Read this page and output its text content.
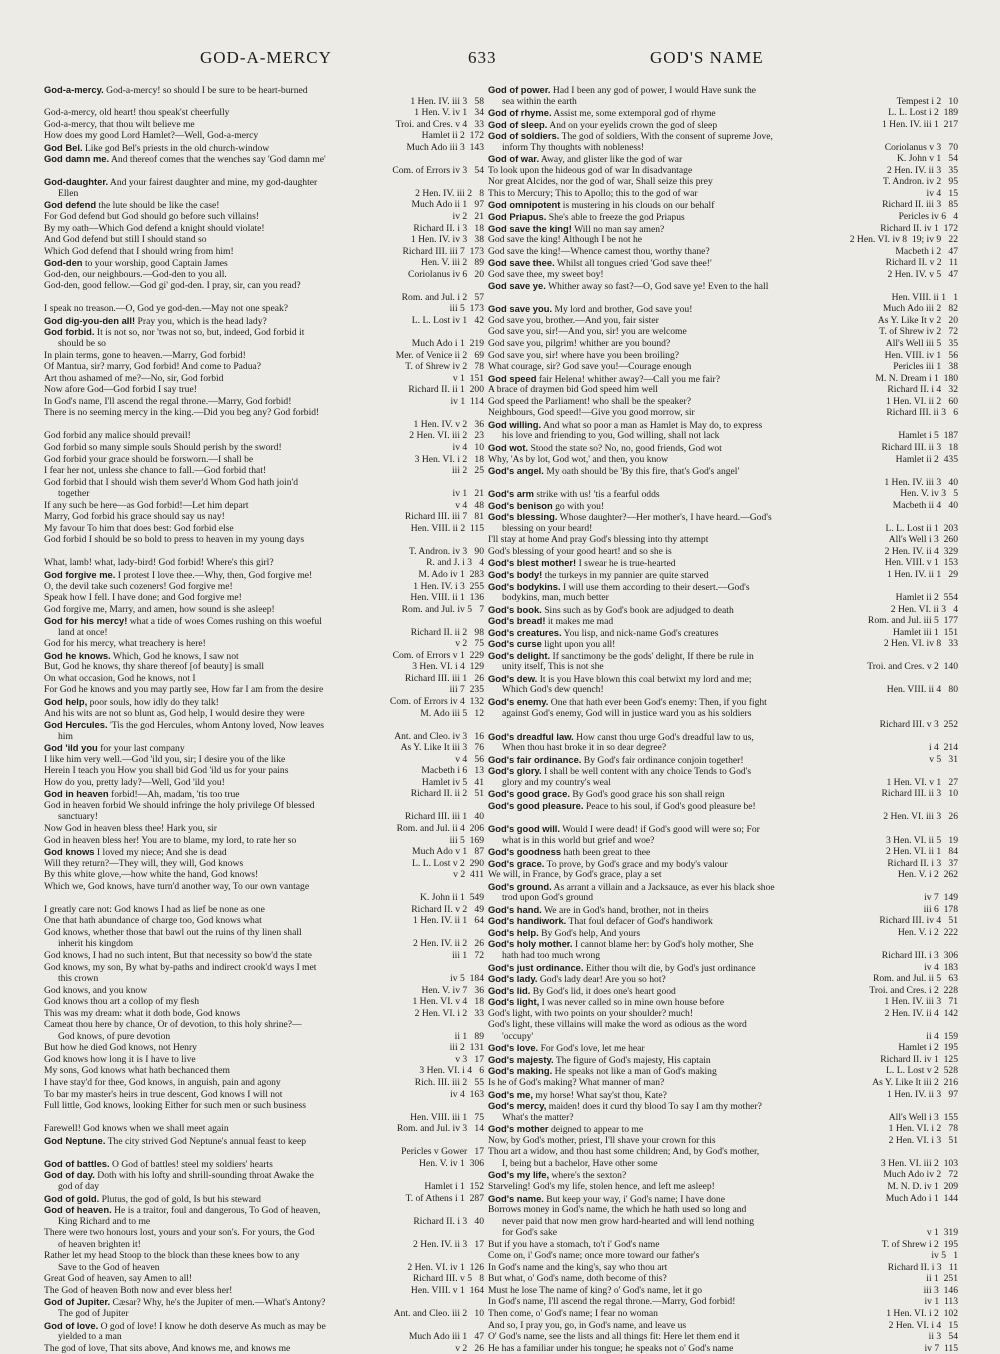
GOD-A-MERCY	633	GOD'S NAME
God-a-mercy. God-a-mercy! so should I be sure to be heart-burned
1 Hen. IV. iii 3   58
God-a-mercy, old heart! thou speak'st cheerfully	1 Hen. V. iv 1   34
God-a-mercy, that thou wilt believe me	Troi. and Cres. v 4   33
How does my good Lord Hamlet?—Well, God-a-mercy	Hamlet ii 2  172
God Bel. Like god Bel's priests in the old church-window	Much Ado iii 3  143
God damn me. And thereof comes that the wenches say 'God damn me'
Com. of Errors iv 3   54
God-daughter. And your fairest daughter and mine, my god-daughter
Ellen	2 Hen. IV. iii 2   8
God defend the lute should be like the case!	Much Ado ii 1   97
For God defend but God should go before such villains!	iv 2   21
By my oath—Which God defend a knight should violate!	Richard II. i 3   18
And God defend but still I should stand so	1 Hen. IV. iv 3   38
Which God defend that I should wring from him!	Richard III. iii 7  173
God-den to your worship, good Captain James	Hen. V. iii 2   89
God-den, our neighbours.—God-den to you all.	Coriolanus iv 6   20
God-den, good fellow.—God gi' god-den. I pray, sir, can you read?
Rom. and Jul. i 2   57
I speak no treason.—O, God ye god-den.—May not one speak?	iii 5  173
God dig-you-den all! Pray you, which is the head lady?	L. L. Lost iv 1   42
God forbid. It is not so, nor 'twas not so, but, indeed, God forbid it
should be so	Much Ado i 1  219
In plain terms, gone to heaven.—Marry, God forbid!	Mer. of Venice ii 2   69
Of Mantua, sir? marry, God forbid! And come to Padua?	T. of Shrew iv 2   78
Art thou ashamed of me?—No, sir, God forbid	v 1  151
Now afore God—God forbid I say true!	Richard II. ii 1  200
In God's name, I'll ascend the regal throne.—Marry, God forbid!	iv 1  114
There is no seeming mercy in the king.—Did you beg any? God forbid!
1 Hen. IV. v 2   36
God forbid any malice should prevail!	2 Hen. VI. iii 2   23
God forbid so many simple souls Should perish by the sword!	iv 4   10
God forbid your grace should be forsworn.—I shall be	3 Hen. VI. i 2   18
I fear her not, unless she chance to fall.—God forbid that!	iii 2   25
God forbid that I should wish them sever'd Whom God hath join'd
together	iv 1   21
If any such be here—as God forbid!—Let him depart	v 4   48
Marry, God forbid his grace should say us nay!	Richard III. iii 7   81
My favour To him that does best: God forbid else	Hen. VIII. ii 2  115
God forbid I should be so bold to press to heaven in my young days
T. Andron. iv 3   90
What, lamb! what, lady-bird! God forbid! Where's this girl?	R. and J. i 3   4
God forgive me. I protest I love thee.—Why, then, God forgive me!	M. Ado iv 1  283
O, the devil take such cozeners! God forgive me!	1 Hen. IV. i 3  255
Speak how I fell. I have done; and God forgive me!	Hen. VIII. ii 1  136
God forgive me, Marry, and amen, how sound is she asleep!	Rom. and Jul. iv 5   7
God for his mercy! what a tide of woes Comes rushing on this woeful
land at once!	Richard II. ii 2   98
God for his mercy, what treachery is here!	v 2   75
God he knows. Which, God he knows, I saw not	Com. of Errors v 1  229
But, God he knows, thy share thereof [of beauty] is small	3 Hen. VI. i 4  129
On what occasion, God he knows, not I	Richard III. iii 1   26
For God he knows and you may partly see, How far I am from the desire	iii 7  235
God help, poor souls, how idly do they talk!	Com. of Errors iv 4  132
And his wits are not so blunt as, God help, I would desire they were	M. Ado iii 5   12
God Hercules. 'Tis the god Hercules, whom Antony loved, Now leaves
him	Ant. and Cleo. iv 3   16
God 'ild you for your last company	As Y. Like It iii 3   76
I like him very well.—God 'ild you, sir; I desire you of the like	v 4   56
Herein I teach you How you shall bid God 'ild us for your pains	Macbeth i 6   13
How do you, pretty lady?—Well, God 'ild you!	Hamlet iv 5   41
God in heaven forbid!—Ah, madam, 'tis too true	Richard II. ii 2   51
God in heaven forbid We should infringe the holy privilege Of blessed
sanctuary!	Richard III. iii 1   40
Now God in heaven bless thee! Hark you, sir	Rom. and Jul. ii 4  206
God in heaven bless her! You are to blame, my lord, to rate her so	iii 5  169
God knows I loved my niece; And she is dead	Much Ado v 1   87
Will they return?—They will, they will, God knows	L. L. Lost v 2  290
By this white glove,—how white the hand, God knows!	v 2  411
Which we, God knows, have turn'd another way, To our own vantage
K. John ii 1  549
I greatly care not: God knows I had as lief be none as one	Richard II. v 2   49
One that hath abundance of charge too, God knows what	1 Hen. IV. ii 1   64
God knows, whether those that bawl out the ruins of thy linen shall
inherit his kingdom	2 Hen. IV. ii 2   26
God knows, I had no such intent, But that necessity so bow'd the state	iii 1   72
God knows, my son, By what by-paths and indirect crook'd ways I met
this crown	iv 5  184
God knows, and you know	Hen. V. iv 7   36
God knows thou art a collop of my flesh	1 Hen. VI. v 4   18
This was my dream: what it doth bode, God knows	2 Hen. VI. i 2   33
Cameat thou here by chance, Or of devotion, to this holy shrine?—
God knows, of pure devotion	ii 1   89
But how he died God knows, not Henry	iii 2  131
God knows how long it is I have to live	v 3   17
My sons, God knows what hath bechanced them	3 Hen. VI. i 4   6
I have stay'd for thee, God knows, in anguish, pain and agony	Rich. III. iii 2   55
To bar my master's heirs in true descent, God knows I will not	iv 4  163
Full little, God knows, looking Either for such men or such business
Hen. VIII. iii 1   75
Farewell! God knows when we shall meet again	Rom. and Jul. iv 3   14
God Neptune. The city strived God Neptune's annual feast to keep
Pericles v Gower   17
God of battles. O God of battles! steel my soldiers' hearts	Hen. V. iv 1  306
God of day. Doth with his lofty and shrill-sounding throat Awake the
god of day	Hamlet i 1  152
God of gold. Plutus, the god of gold, Is but his steward	T. of Athens i 1  287
God of heaven. He is a traitor, foul and dangerous, To God of heaven,
King Richard and to me	Richard II. i 3   40
There were two honours lost, yours and your son's. For yours, the God
of heaven brighten it!	2 Hen. IV. ii 3   17
Rather let my head Stoop to the block than these knees bow to any
Save to the God of heaven	2 Hen. VI. iv 1  126
Great God of heaven, say Amen to all!	Richard III. v 5   8
The God of heaven Both now and ever bless her!	Hen. VIII. v 1  164
God of Jupiter. Cæsar? Why, he's the Jupiter of men.—What's Antony?
The god of Jupiter	Ant. and Cleo. iii 2   10
God of love. O god of love! I know he doth deserve As much as may be
yielded to a man	Much Ado iii 1   47
The god of love, That sits above, And knows me, and knows me	v 2   26
God of power. Had I been any god of power, I would Have sunk the
sea within the earth	Tempest i 2   10
God of rhyme. Assist me, some extemporal god of rhyme	L. L. Lost i 2  189
God of sleep. And on your eyelids crown the god of sleep	1 Hen. IV. iii 1  217
God of soldiers. The god of soldiers, With the consent of supreme Jove,
inform Thy thoughts with nobleness!	Coriolanus v 3   70
God of war. Away, and glister like the god of war	K. John v 1   54
To look upon the hideous god of war In disadvantage	2 Hen. IV. ii 3   35
Nor great Alcides, nor the god of war, Shall seize this prey	T. Andron. iv 2   95
This to Mercury; This to Apollo; this to the god of war	iv 4   15
God omnipotent is mustering in his clouds on our behalf	Richard II. iii 3   85
God Priapus. She's able to freeze the god Priapus	Pericles iv 6   4
God save the king! Will no man say amen?	Richard II. iv 1  172
God save the king! Although I be not he	2 Hen. VI. iv 8  19; iv 9   22
God save the king!—Whence camest thou, worthy thane?	Macbeth i 2   47
God save thee. Whilst all tongues cried 'God save thee!'	Richard II. v 2   11
God save thee, my sweet boy!	2 Hen. IV. v 5   47
God save ye. Whither away so fast?—O, God save ye! Even to the hall
Hen. VIII. ii 1   1
God save you. My lord and brother, God save you!	Much Ado iii 2   82
God save you, brother.—And you, fair sister	As Y. Like It v 2   20
God save you, sir!—And you, sir! you are welcome	T. of Shrew iv 2   72
God save you, pilgrim! whither are you bound?	All's Well iii 5   35
God save you, sir! where have you been broiling?	Hen. VIII. iv 1   56
What courage, sir? God save you!—Courage enough	Pericles iii 1   38
God speed fair Helena! whither away?—Call you me fair?	M. N. Dream i 1  180
A brace of draymen bid God speed him well	Richard II. i 4   32
God speed the Parliament! who shall be the speaker?	1 Hen. VI. ii 2   60
Neighbours, God speed!—Give you good morrow, sir	Richard III. ii 3   6
God willing. And what so poor a man as Hamlet is May do, to express
his love and friending to you, God willing, shall not lack	Hamlet i 5  187
God wot. Stood the state so? No, no, good friends, God wot	Richard III. ii 3   18
Why, 'As by lot, God wot,' and then, you know	Hamlet ii 2  435
God's angel. My oath should be 'By this fire, that's God's angel'
1 Hen. IV. iii 3   40
God's arm strike with us! 'tis a fearful odds	Hen. V. iv 3   5
God's benison go with you!	Macbeth ii 4   40
God's blessing. Whose daughter?—Her mother's, I have heard.—God's
blessing on your beard!	L. L. Lost ii 1  203
I'll stay at home And pray God's blessing into thy attempt	All's Well i 3  260
God's blessing of your good heart! and so she is	2 Hen. IV. ii 4  329
God's blest mother! I swear he is true-hearted	Hen. VIII. v 1  153
God's body! the turkeys in my pannier are quite starved	1 Hen. IV. ii 1   29
God's bodykins. I will use them according to their desert.—God's
bodykins, man, much better	Hamlet ii 2  554
God's book. Sins such as by God's book are adjudged to death	2 Hen. VI. ii 3   4
God's bread! it makes me mad	Rom. and Jul. iii 5  177
God's creatures. You lisp, and nick-name God's creatures	Hamlet iii 1  151
God's curse light upon you all!	2 Hen. VI. iv 8   33
God's delight. If sanctimony be the gods' delight, If there be rule in
unity itself, This is not she	Troi. and Cres. v 2  140
God's dew. It is you Have blown this coal betwixt my lord and me;
Which God's dew quench!	Hen. VIII. ii 4   80
God's enemy. One that hath ever been God's enemy: Then, if you fight
against God's enemy, God will in justice ward you as his soldiers
Richard III. v 3  252
God's dreadful law. How canst thou urge God's dreadful law to us,
When thou hast broke it in so dear degree?	i 4  214
God's fair ordinance. By God's fair ordinance conjoin together!	v 5   31
God's glory. I shall be well content with any choice Tends to God's
glory and my country's weal	1 Hen. VI. v 1   27
God's good grace. By God's good grace his son shall reign	Richard III. ii 3   10
God's good pleasure. Peace to his soul, if God's good pleasure be!
2 Hen. VI. iii 3   26
God's good will. Would I were dead! if God's good will were so; For
what is in this world but grief and woe?	3 Hen. VI. ii 5   19
God's goodness hath been great to thee	2 Hen. VI. ii 1   84
God's grace. To prove, by God's grace and my body's valour	Richard II. i 3   37
We will, in France, by God's grace, play a set	Hen. V. i 2  262
God's ground. As arrant a villain and a Jacksauce, as ever his black shoe
trod upon God's ground	iv 7  149
God's hand. We are in God's hand, brother, not in theirs	iii 6  178
God's handiwork. That foul defacer of God's handiwork	Richard III. iv 4   51
God's help. By God's help, And yours	Hen. V. i 2  222
God's holy mother. I cannot blame her: by God's holy mother, She
hath had too much wrong	Richard III. i 3  306
God's just ordinance. Either thou wilt die, by God's just ordinance	iv 4  183
God's lady. God's lady dear! Are you so hot?	Rom. and Jul. ii 5   63
God's lid. By God's lid, it does one's heart good	Troi. and Cres. i 2  228
God's light, I was never called so in mine own house before	1 Hen. IV. iii 3   71
God's light, with two points on your shoulder? much!	2 Hen. IV. ii 4  142
God's light, these villains will make the word as odious as the word
'occupy'	ii 4  159
God's love. For God's love, let me hear	Hamlet i 2  195
God's majesty. The figure of God's majesty, His captain	Richard II. iv 1  125
God's making. He speaks not like a man of God's making	L. L. Lost v 2  528
Is he of God's making? What manner of man?	As Y. Like It iii 2  216
God's me, my horse! What say'st thou, Kate?	1 Hen. IV. ii 3   97
God's mercy, maiden! does it curd thy blood To say I am thy mother?
What's the matter?	All's Well i 3  155
God's mother deigned to appear to me	1 Hen. VI. i 2   78
Now, by God's mother, priest, I'll shave your crown for this	2 Hen. VI. i 3   51
Thou art a widow, and thou hast some children; And, by God's mother,
I, being but a bachelor, Have other some	3 Hen. VI. iii 2  103
God's my life, where's the sexton?	Much Ado iv 2   72
Starveling! God's my life, stolen hence, and left me asleep!	M. N. D. iv 1  209
God's name. But keep your way, i' God's name; I have done	Much Ado i 1  144
Borrows money in God's name, the which he hath used so long and
never paid that now men grow hard-hearted and will lend nothing
for God's sake	v 1  319
But if you have a stomach, to't i' God's name	T. of Shrew i 2  195
Come on, i' God's name; once more toward our father's	iv 5   1
In God's name and the king's, say who thou art	Richard II. i 3   11
But what, o' God's name, doth become of this?	ii 1  251
Must he lose The name of king? o' God's name, let it go	iii 3  146
In God's name, I'll ascend the regal throne.—Marry, God forbid!	iv 1  113
Then come, o' God's name; I fear no woman	1 Hen. VI. i 2  102
And so, I pray you, go, in God's name, and leave us	2 Hen. VI. i 4   15
O' God's name, see the lists and all things fit: Here let them end it	ii 3   54
He has a familiar under his tongue; he speaks not o' God's name	iv 7  115
